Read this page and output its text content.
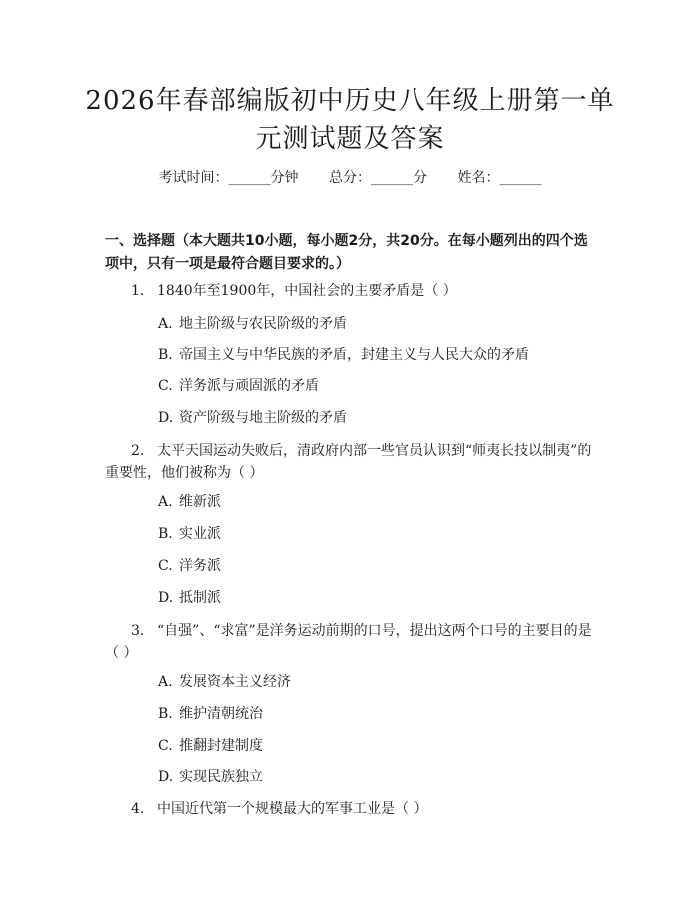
2026年春部编版初中历史八年级上册第一单
元测试题及答案
考试时间：______分钟 总分：______分 姓名：______
一、选择题（本大题共10小题，每小题2分，共20分。在每小题列出的四个选项中，只有一项是最符合题目要求的。）
1. 1840年至1900年，中国社会的主要矛盾是（ ）
A. 地主阶级与农民阶级的矛盾
B. 帝国主义与中华民族的矛盾，封建主义与人民大众的矛盾
C. 洋务派与顽固派的矛盾
D. 资产阶级与地主阶级的矛盾
2. 太平天国运动失败后，清政府内部一些官员认识到“师夷长技以制夷”的重要性，他们被称为（ ）
A. 维新派
B. 实业派
C. 洋务派
D. 抵制派
3. “自强”、“求富”是洋务运动前期的口号，提出这两个口号的主要目的是（ ）
A. 发展资本主义经济
B. 维护清朝统治
C. 推翻封建制度
D. 实现民族独立
4. 中国近代第一个规模最大的军事工业是（ ）
